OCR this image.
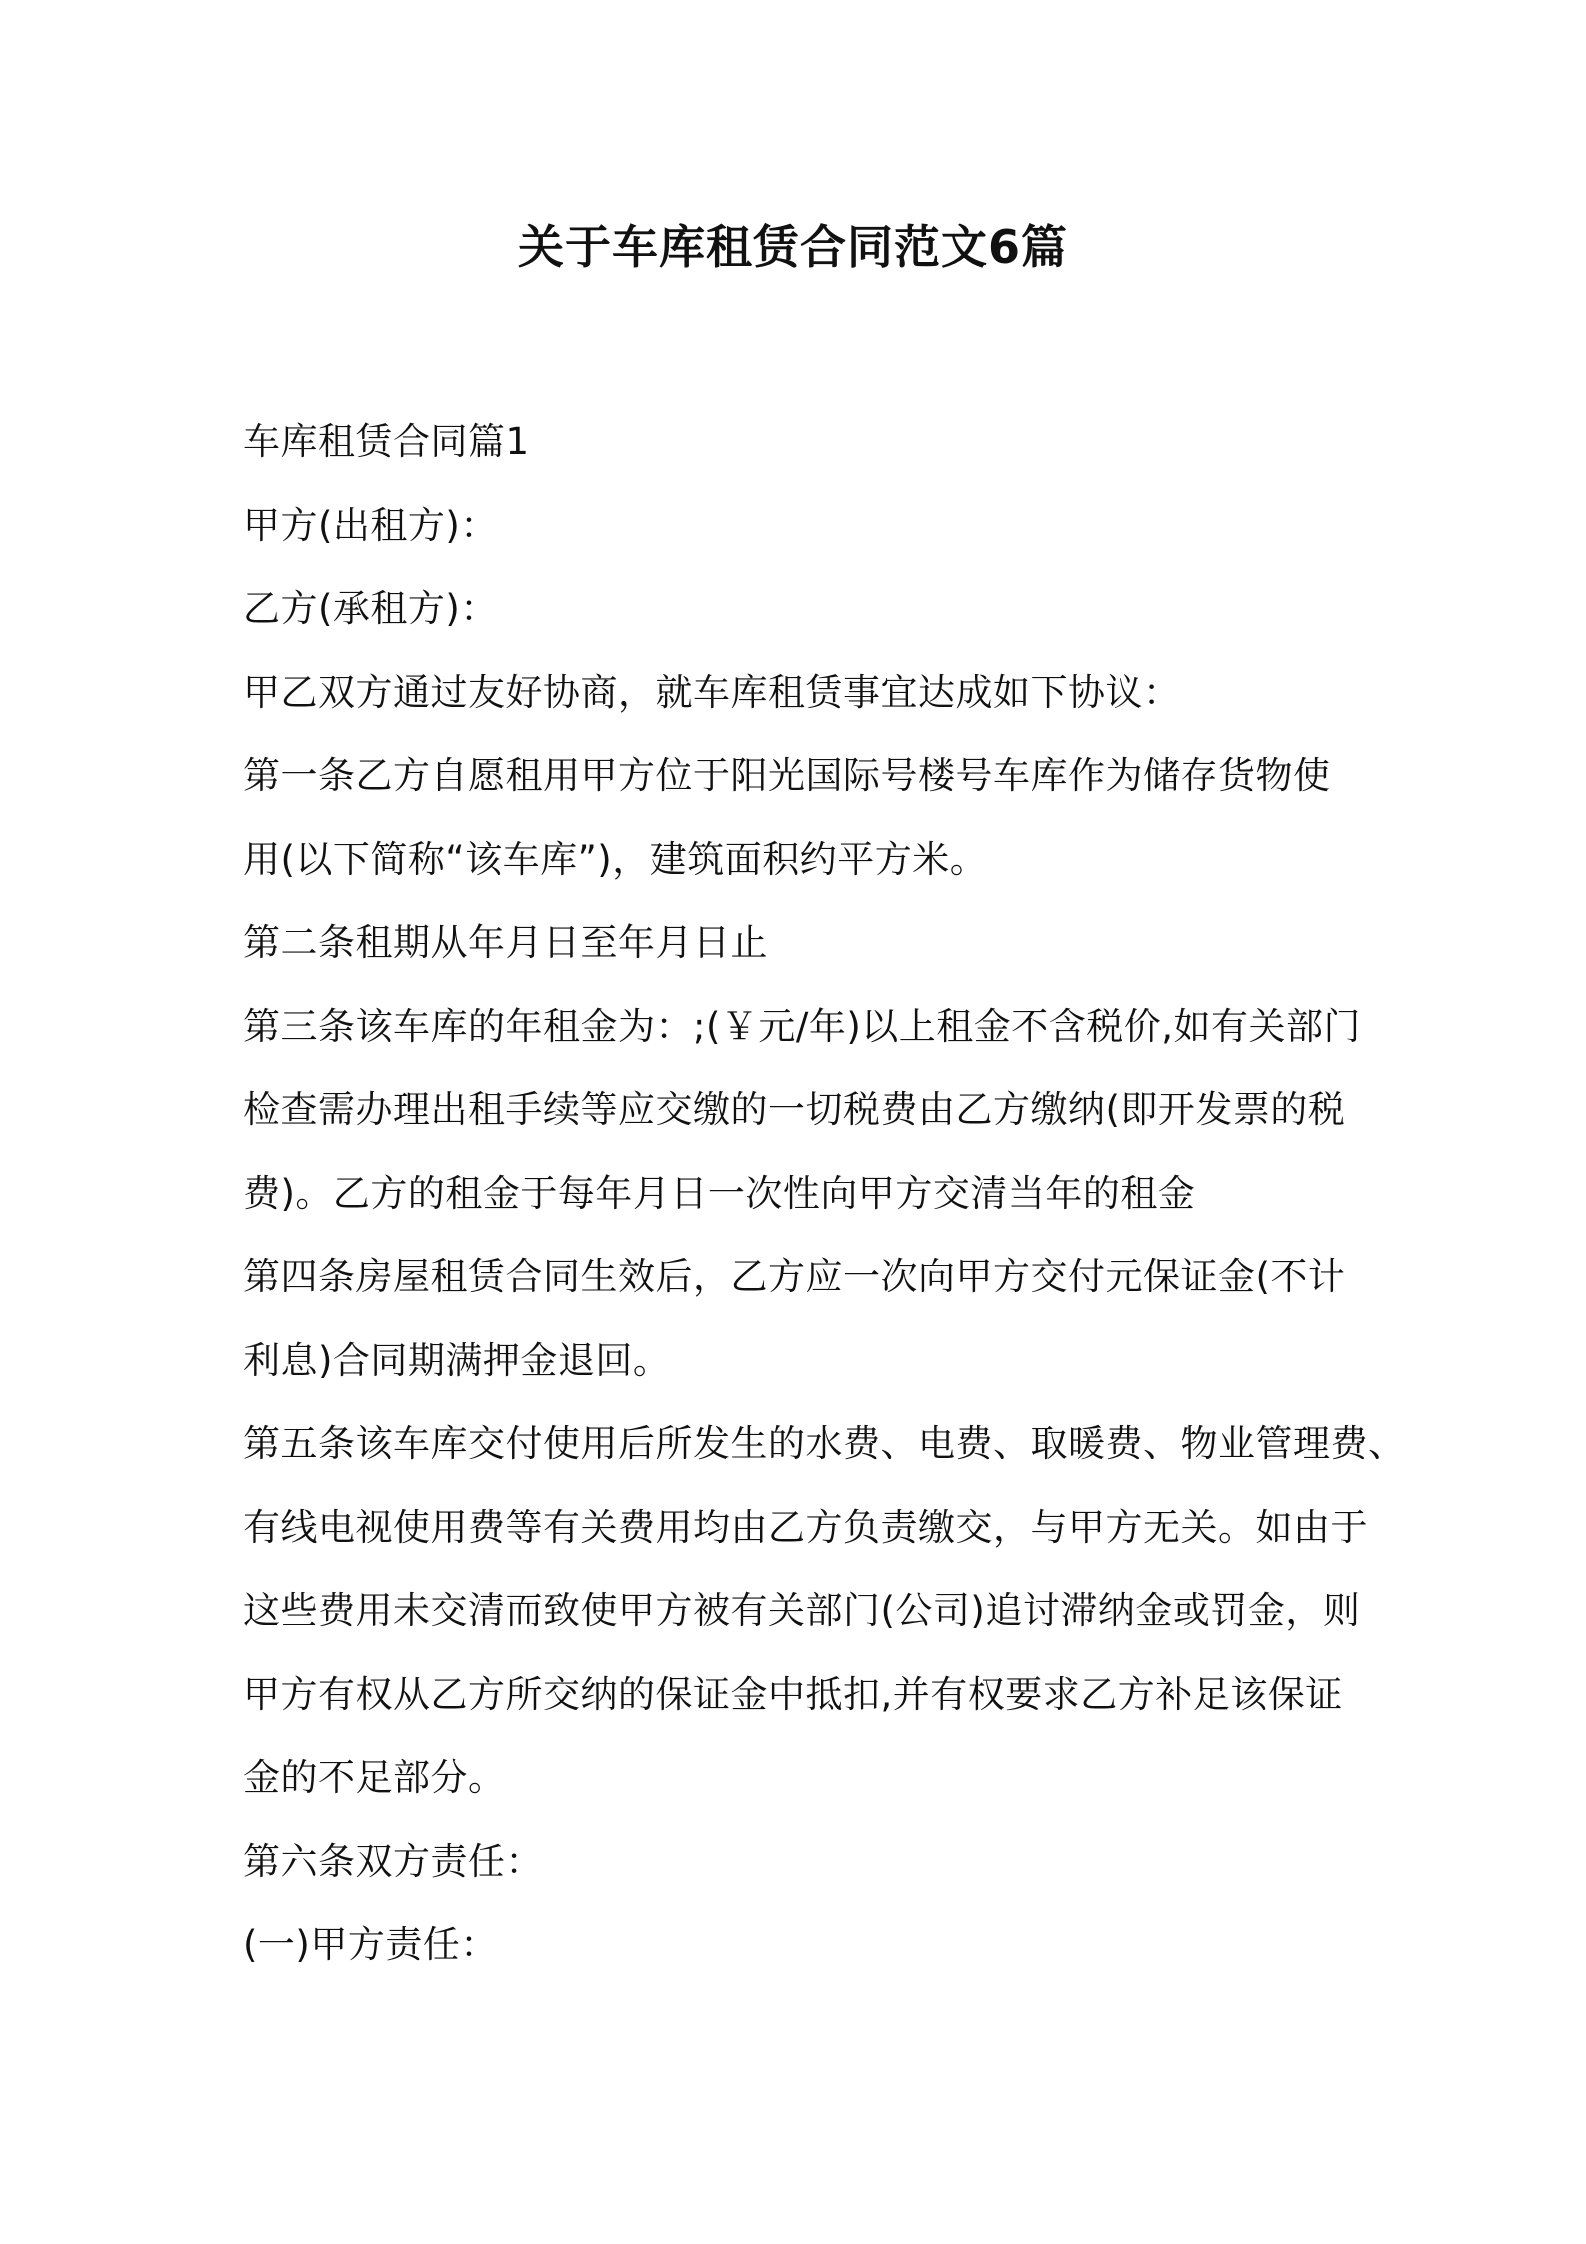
关于车库租赁合同范文6篇

车库租赁合同篇1

甲方(出租方)：

乙方(承租方)：

甲乙双方通过友好协商，就车库租赁事宜达成如下协议：

第一条乙方自愿租用甲方位于阳光国际号楼号车库作为储存货物使

用(以下简称“该车库”)，建筑面积约平方米。

第二条租期从年月日至年月日止

第三条该车库的年租金为：;(￥元/年)以上租金不含税价,如有关部门

检查需办理出租手续等应交缴的一切税费由乙方缴纳(即开发票的税

费)。乙方的租金于每年月日一次性向甲方交清当年的租金

第四条房屋租赁合同生效后，乙方应一次向甲方交付元保证金(不计

利息)合同期满押金退回。

第五条该车库交付使用后所发生的水费、电费、取暖费、物业管理费、

有线电视使用费等有关费用均由乙方负责缴交，与甲方无关。如由于

这些费用未交清而致使甲方被有关部门(公司)追讨滞纳金或罚金，则

甲方有权从乙方所交纳的保证金中抵扣,并有权要求乙方补足该保证

金的不足部分。

第六条双方责任：

(一)甲方责任：
